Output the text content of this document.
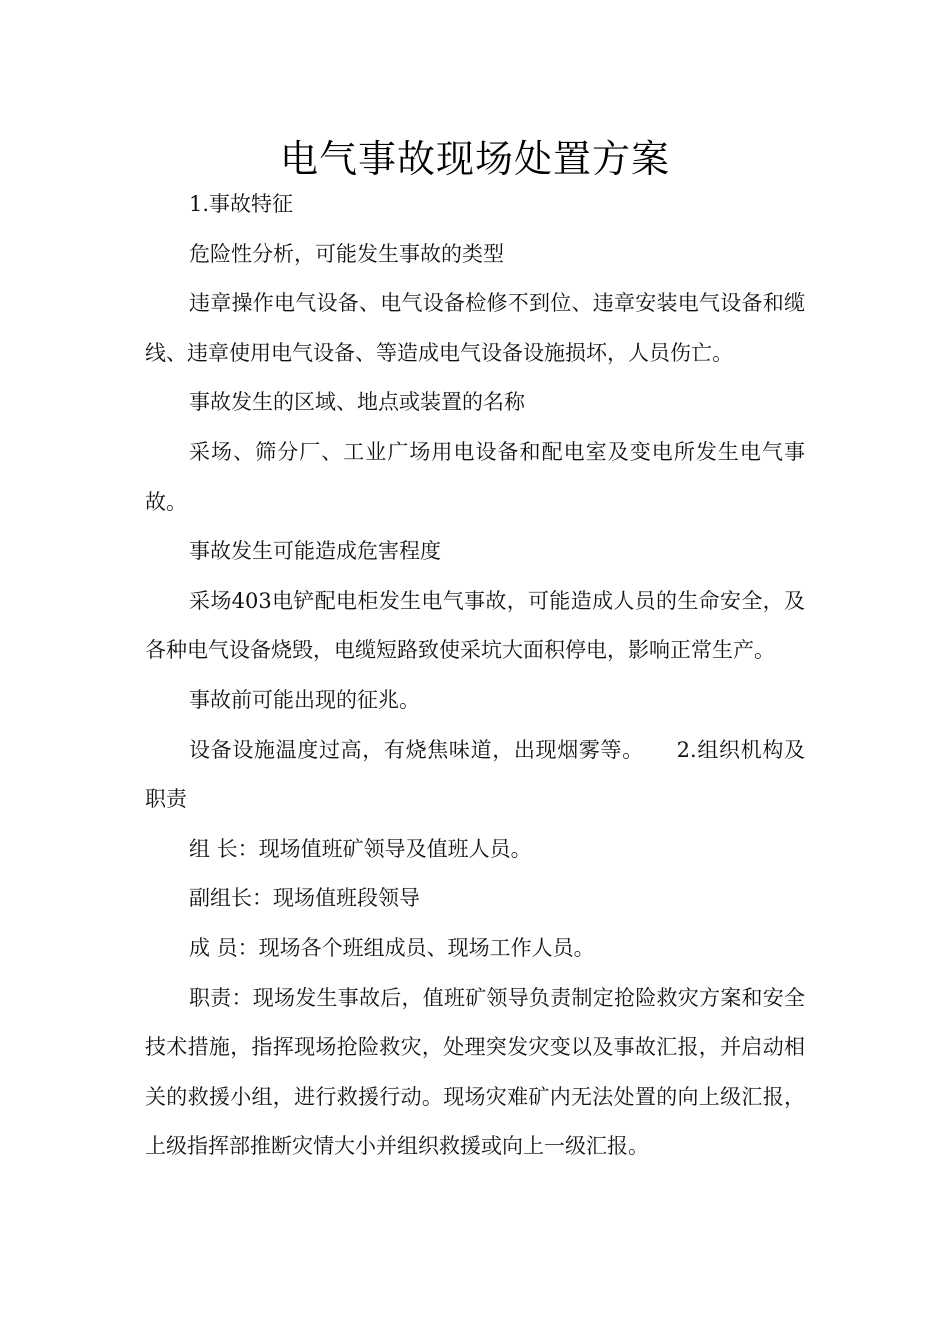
电气事故现场处置方案

1.事故特征

危险性分析，可能发生事故的类型

违章操作电气设备、电气设备检修不到位、违章安装电气设备和缆线、违章使用电气设备、等造成电气设备设施损坏，人员伤亡。

事故发生的区域、地点或装置的名称

采场、筛分厂、工业广场用电设备和配电室及变电所发生电气事故。

事故发生可能造成危害程度

采场403电铲配电柜发生电气事故，可能造成人员的生命安全，及各种电气设备烧毁，电缆短路致使采坑大面积停电，影响正常生产。

事故前可能出现的征兆。

设备设施温度过高，有烧焦味道，出现烟雾等。　　2.组织机构及职责

组 长：现场值班矿领导及值班人员。

副组长：现场值班段领导

成 员：现场各个班组成员、现场工作人员。

职责：现场发生事故后，值班矿领导负责制定抢险救灾方案和安全技术措施，指挥现场抢险救灾，处理突发灾变以及事故汇报，并启动相关的救援小组，进行救援行动。现场灾难矿内无法处置的向上级汇报，上级指挥部推断灾情大小并组织救援或向上一级汇报。
